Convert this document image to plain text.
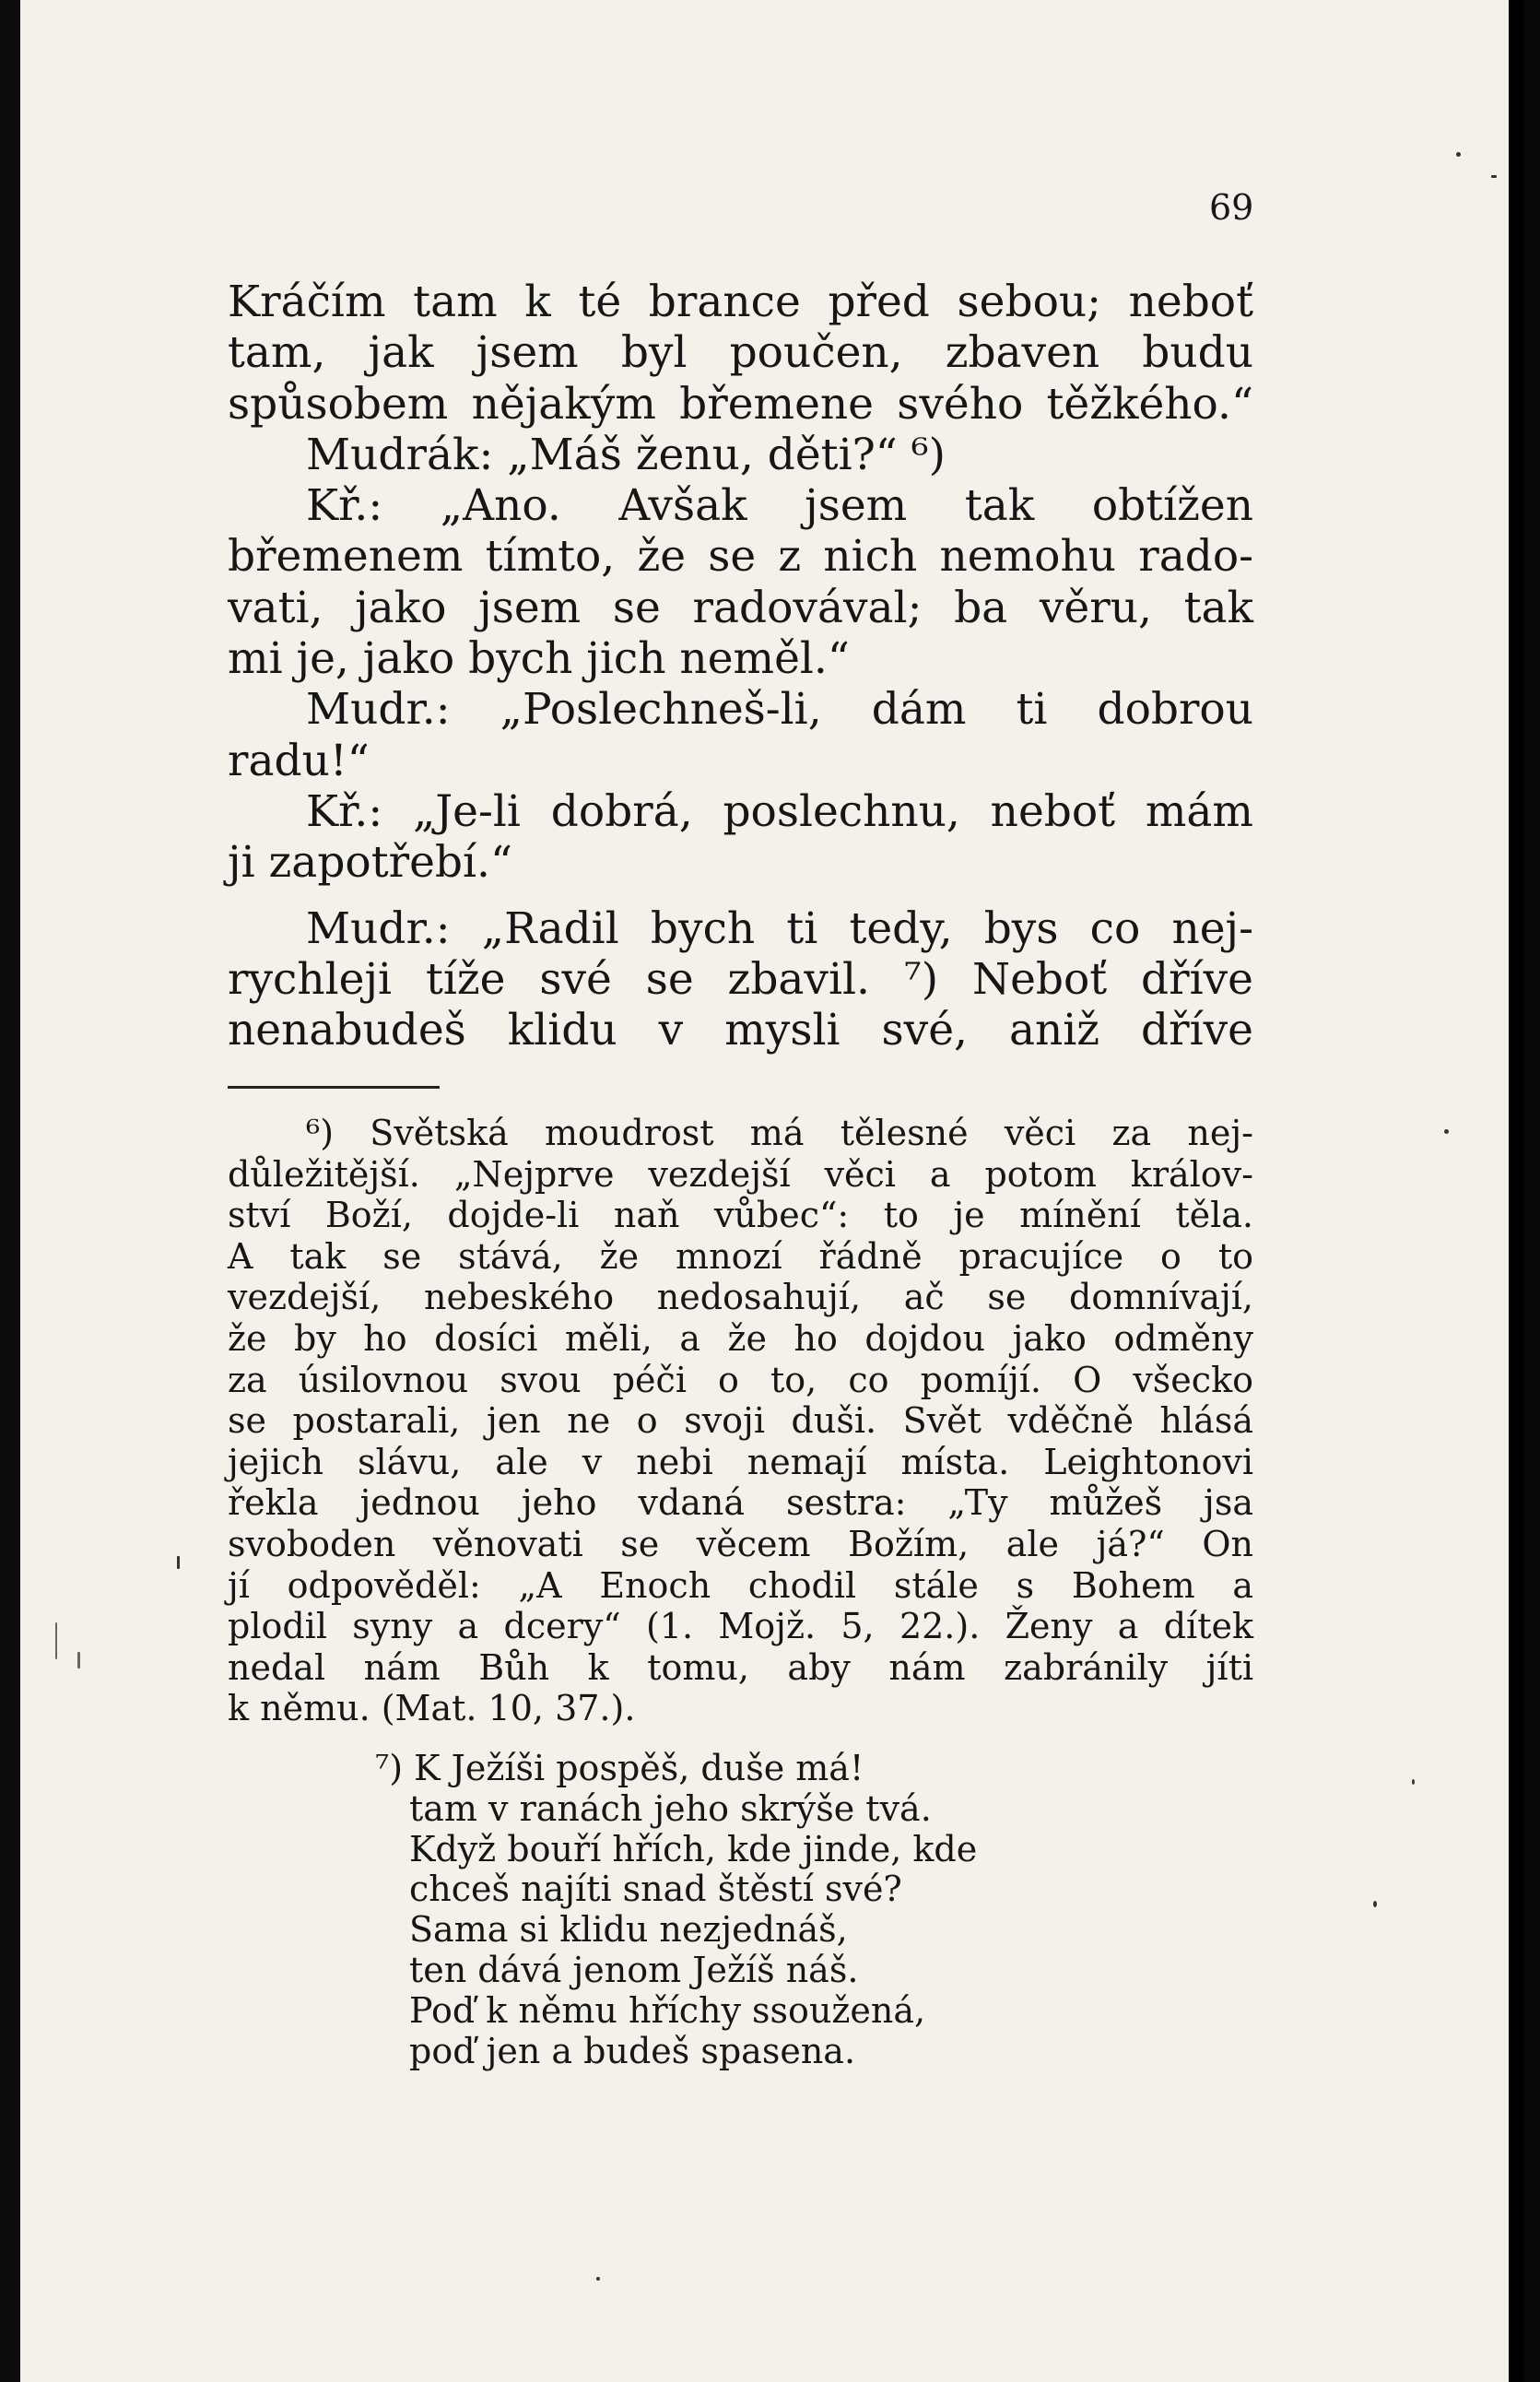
69
Kráčím tam k té brance před sebou; neboť
tam, jak jsem byl poučen, zbaven budu
spůsobem nějakým břemene svého těžkého.“
Mudrák: „Máš ženu, děti?“ ⁶)
Kř.: „Ano. Avšak jsem tak obtížen
břemenem tímto, že se z nich nemohu rado-
vati, jako jsem se radovával; ba věru, tak
mi je, jako bych jich neměl.“
Mudr.: „Poslechneš-li, dám ti dobrou
radu!“
Kř.: „Je-li dobrá, poslechnu, neboť mám
ji zapotřebí.“
Mudr.: „Radil bych ti tedy, bys co nej-
rychleji tíže své se zbavil. ⁷) Neboť dříve
nenabudeš klidu v mysli své, aniž dříve
⁶) Světská moudrost má tělesné věci za nej-
důležitější. „Nejprve vezdejší věci a potom králov-
ství Boží, dojde-li naň vůbec“: to je mínění těla.
A tak se stává, že mnozí řádně pracujíce o to
vezdejší, nebeského nedosahují, ač se domnívají,
že by ho dosíci měli, a že ho dojdou jako odměny
za úsilovnou svou péči o to, co pomíjí. O všecko
se postarali, jen ne o svoji duši. Svět vděčně hlásá
jejich slávu, ale v nebi nemají místa. Leightonovi
řekla jednou jeho vdaná sestra: „Ty můžeš jsa
svoboden věnovati se věcem Božím, ale já?“ On
jí odpověděl: „A Enoch chodil stále s Bohem a
plodil syny a dcery“ (1. Mojž. 5, 22.). Ženy a dítek
nedal nám Bůh k tomu, aby nám zabránily jíti
k němu. (Mat. 10, 37.).
⁷) K Ježíši pospěš, duše má!
tam v ranách jeho skrýše tvá.
Když bouří hřích, kde jinde, kde
chceš najíti snad štěstí své?
Sama si klidu nezjednáš,
ten dává jenom Ježíš náš.
Poď k němu hříchy ssoužená,
poď jen a budeš spasena.
